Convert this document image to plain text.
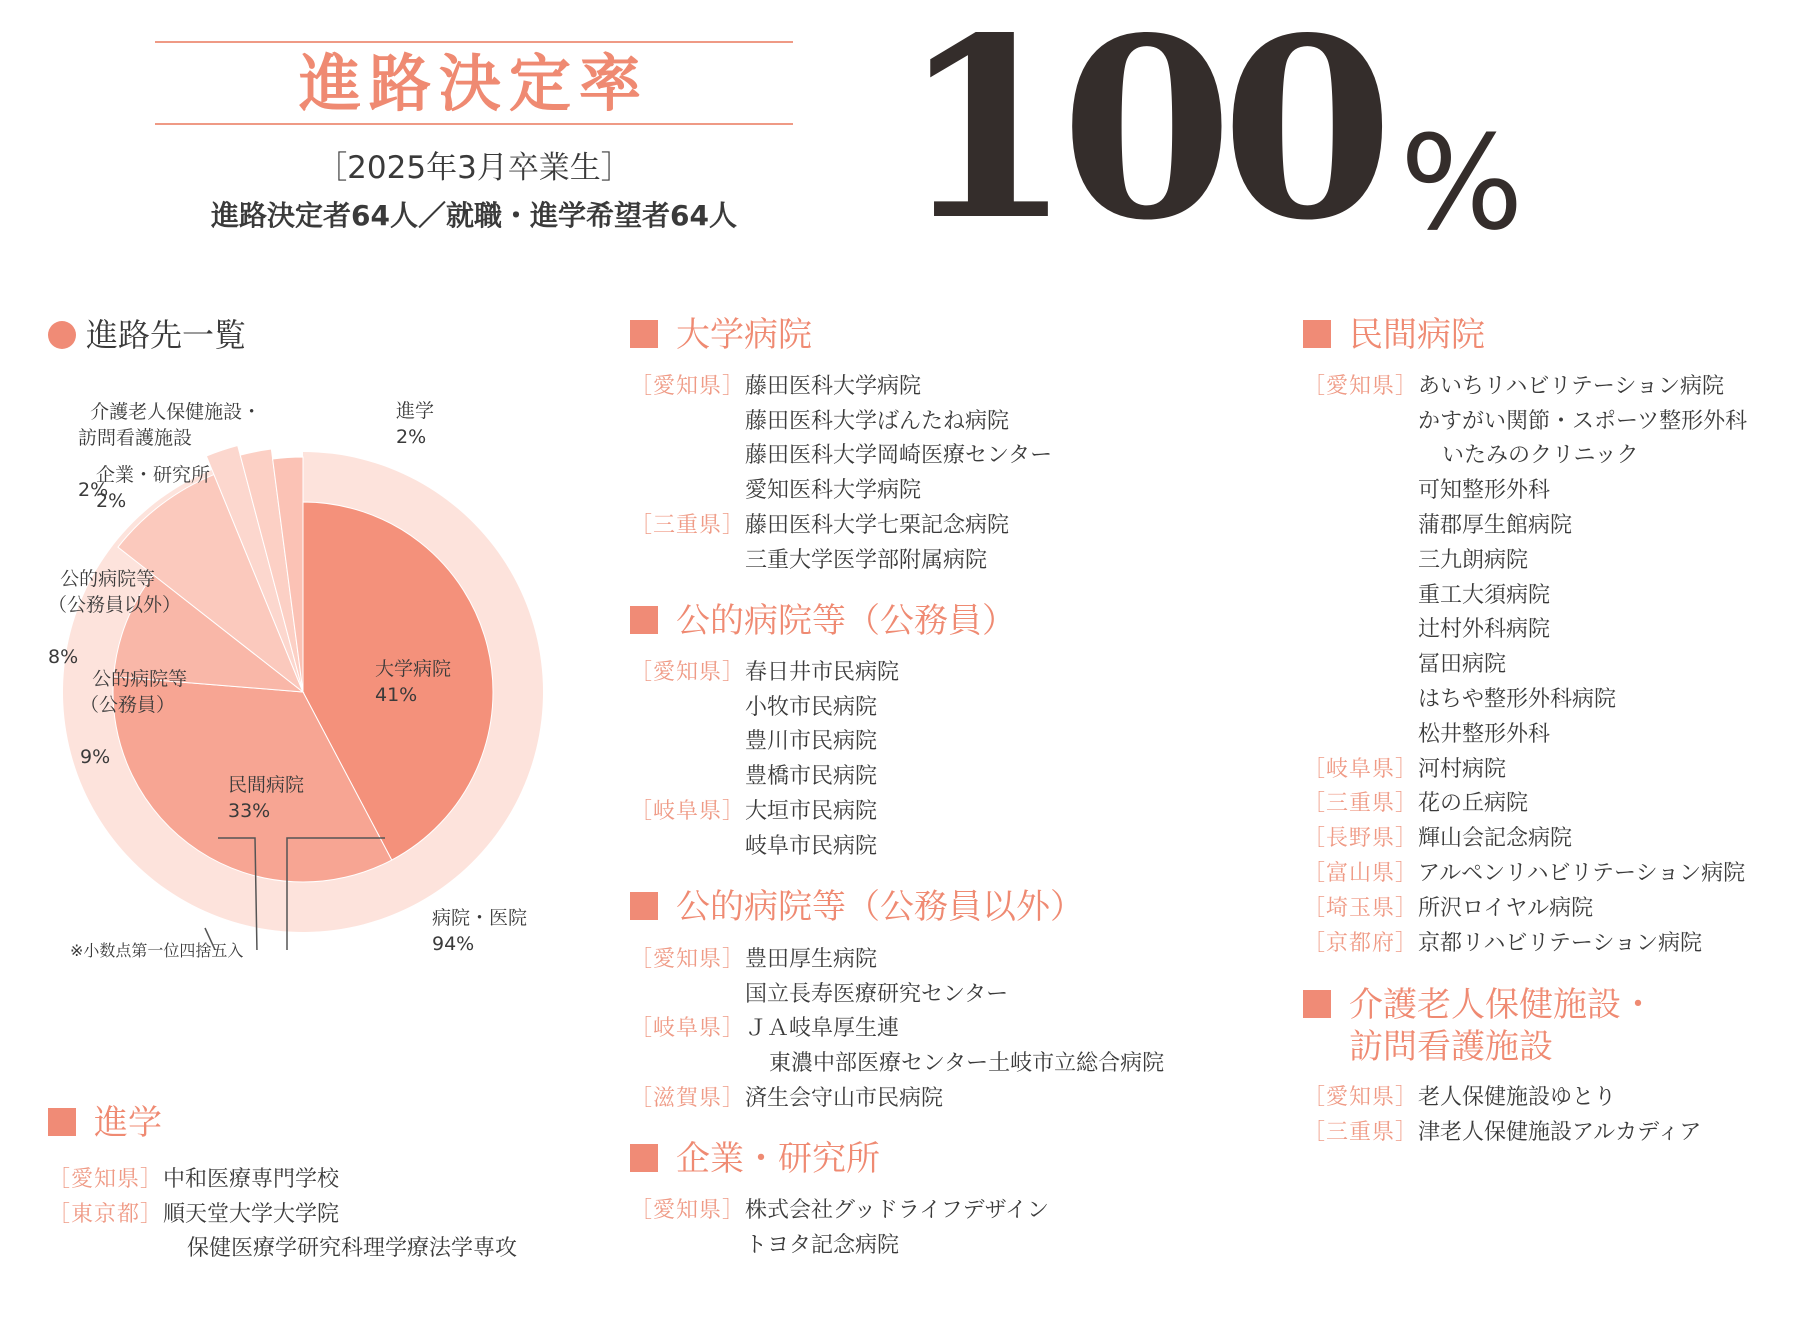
進路決定率
［2025年3月卒業生］
進路決定者64人／就職・進学希望者64人 100 %
進路先一覧
大学病院
41%
民間病院
33%

公的病院等
（公務員）

9%

公的病院等
（公務員以外）

8%

企業・研究所
2%

介護老人保健施設・
訪問看護施設

2%

進学
2%
病院・医院
94%
※小数点第一位四捨五入
進学
［愛知県］ 中和医療専門学校
［東京都］ 順天堂大学大学院
保健医療学研究科理学療法学専攻
大学病院
［愛知県］ 藤田医科大学病院
藤田医科大学ばんたね病院
藤田医科大学岡崎医療センター
愛知医科大学病院
［三重県］ 藤田医科大学七栗記念病院
三重大学医学部附属病院
公的病院等（公務員）
［愛知県］ 春日井市民病院
小牧市民病院
豊川市民病院
豊橋市民病院
［岐阜県］ 大垣市民病院
岐阜市民病院
公的病院等（公務員以外）
［愛知県］ 豊田厚生病院
国立長寿医療研究センター
［岐阜県］ ＪＡ岐阜厚生連
東濃中部医療センター土岐市立総合病院
［滋賀県］ 済生会守山市民病院
企業・研究所
［愛知県］ 株式会社グッドライフデザイン
トヨタ記念病院
民間病院
［愛知県］ あいちリハビリテーション病院
かすがい関節・スポーツ整形外科
いたみのクリニック
可知整形外科
蒲郡厚生館病院
三九朗病院
重工大須病院
辻村外科病院
冨田病院
はちや整形外科病院
松井整形外科
［岐阜県］ 河村病院
［三重県］ 花の丘病院
［長野県］ 輝山会記念病院
［富山県］ アルペンリハビリテーション病院
［埼玉県］ 所沢ロイヤル病院
［京都府］ 京都リハビリテーション病院
介護老人保健施設・
訪問看護施設
［愛知県］ 老人保健施設ゆとり
［三重県］ 津老人保健施設アルカディア
